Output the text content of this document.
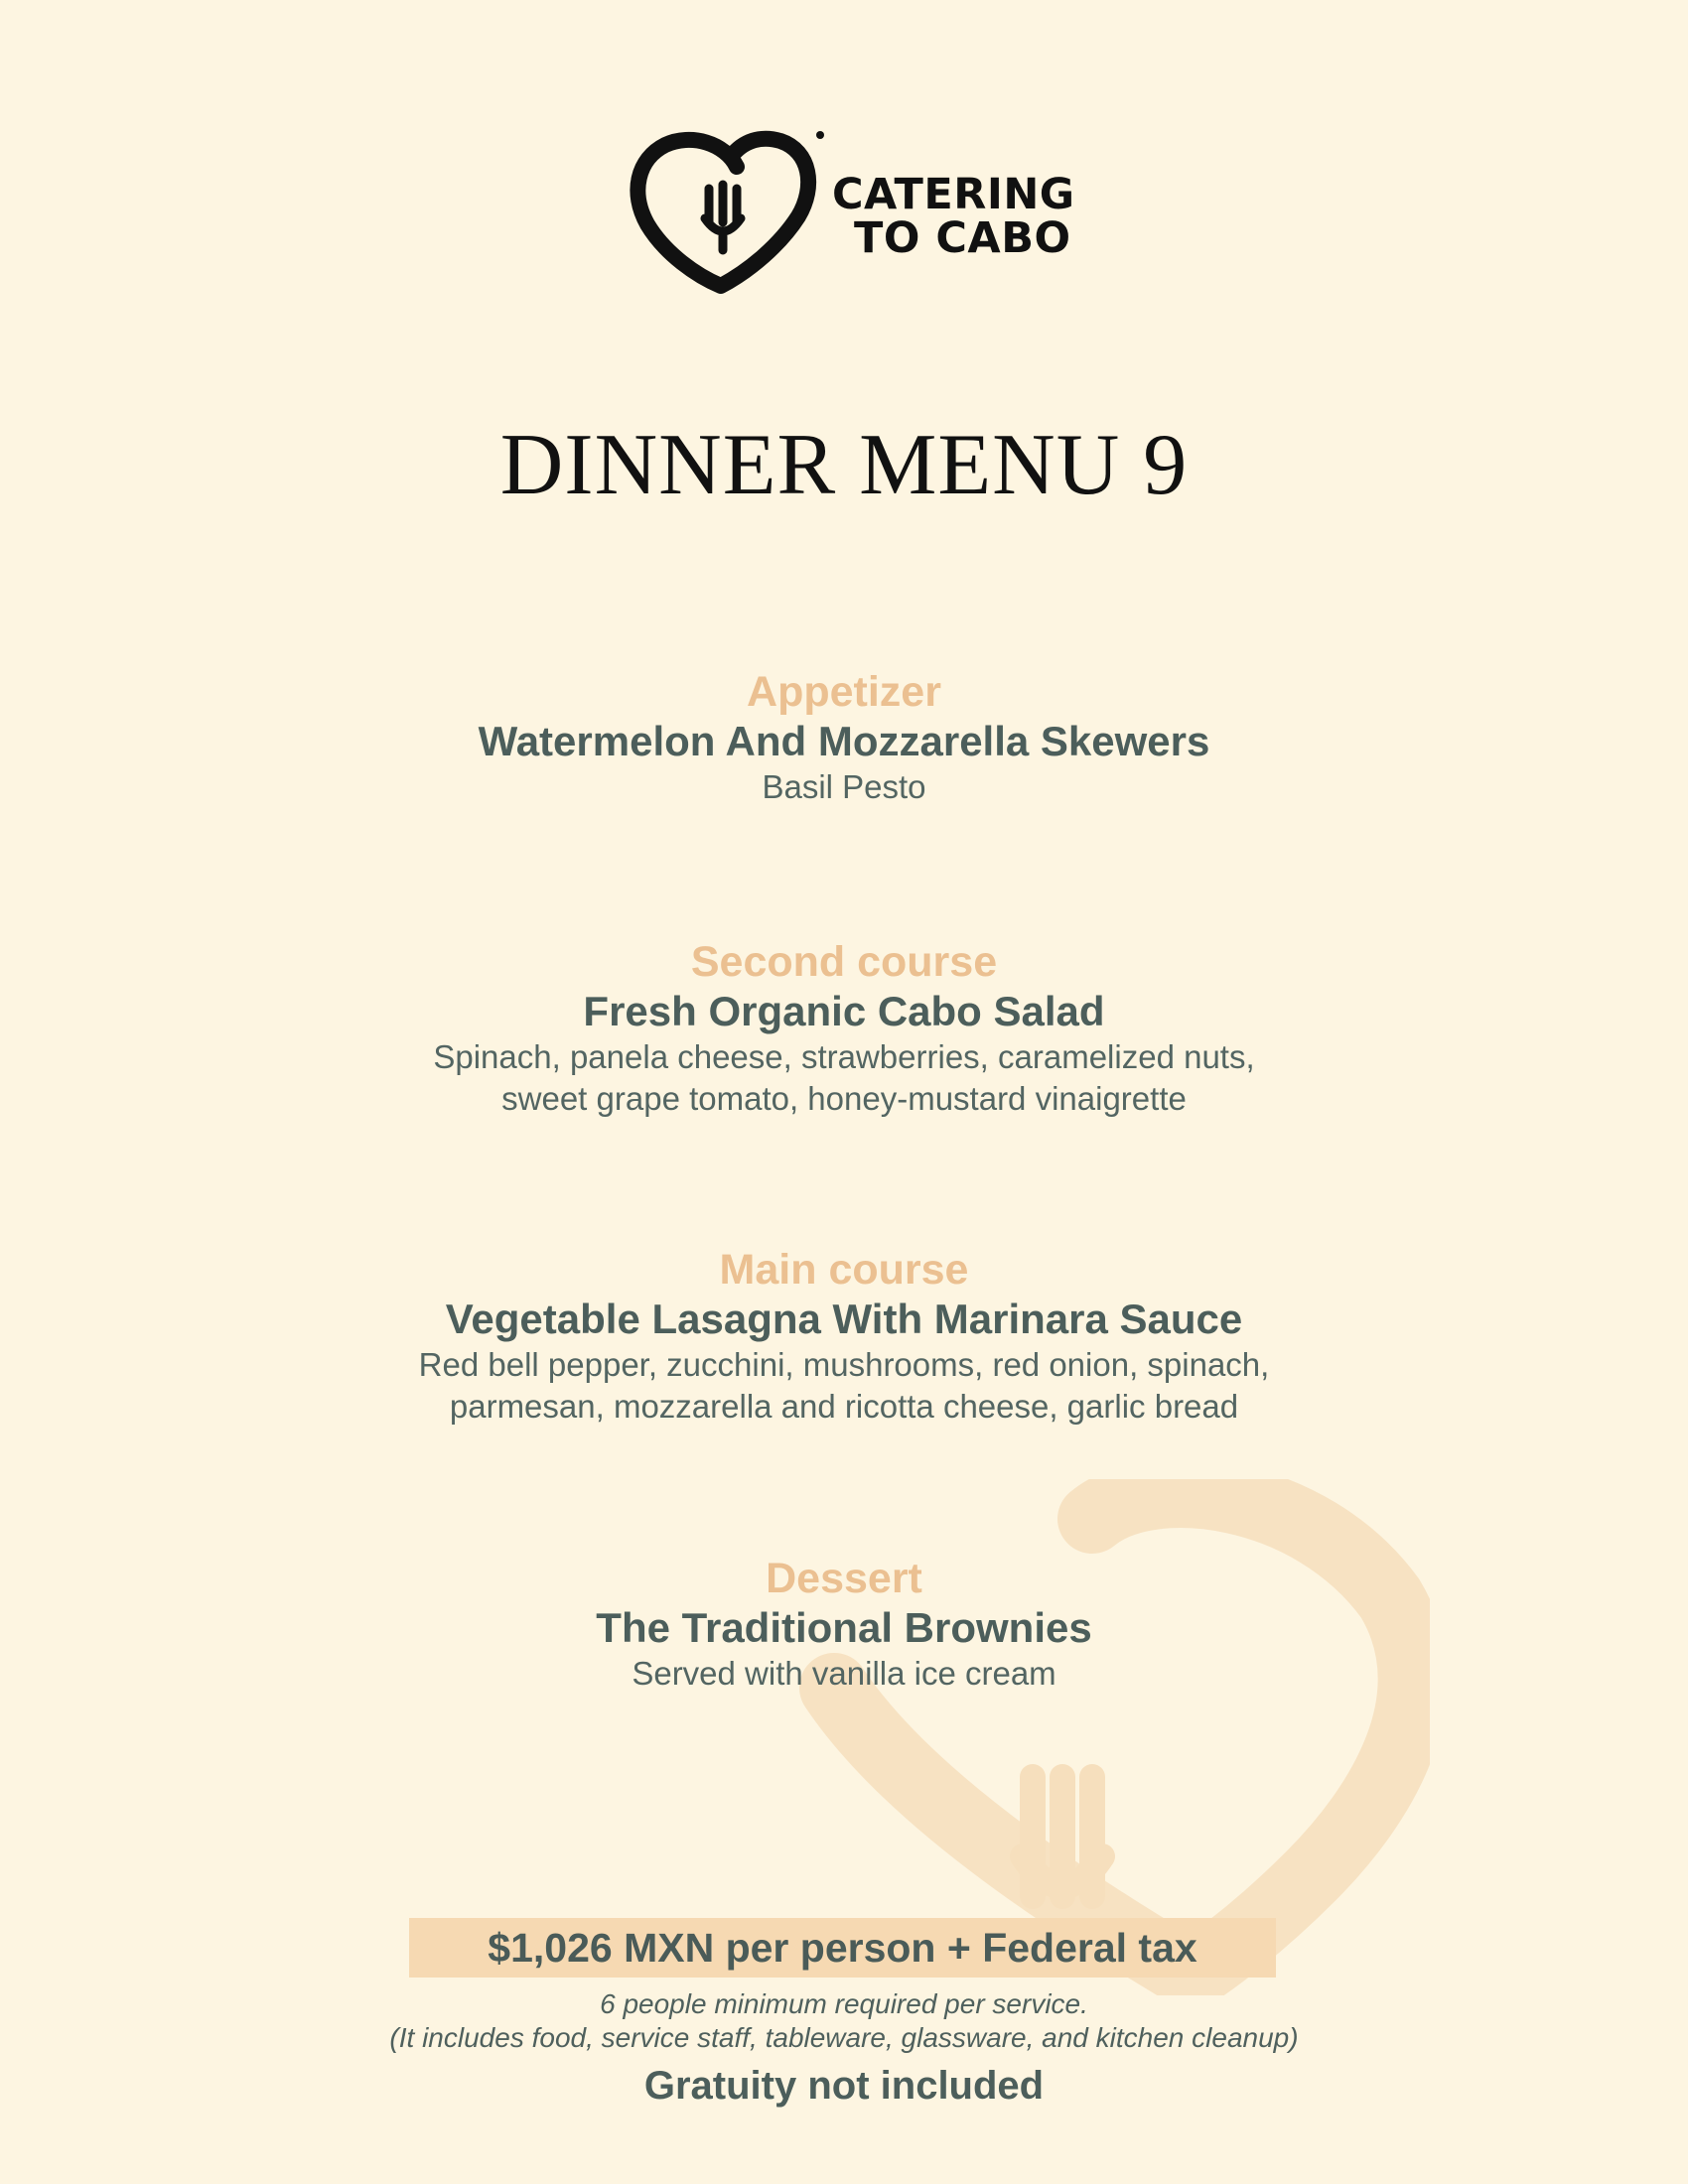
CATERING
TO CABO
DINNER MENU 9
Appetizer
Watermelon And Mozzarella Skewers
Basil Pesto
Second course
Fresh Organic Cabo Salad
Spinach, panela cheese, strawberries, caramelized nuts,
sweet grape tomato, honey-mustard vinaigrette
Main course
Vegetable Lasagna With Marinara Sauce
Red bell pepper, zucchini, mushrooms, red onion, spinach,
parmesan, mozzarella and ricotta cheese, garlic bread
Dessert
The Traditional Brownies
Served with vanilla ice cream
$1,026 MXN per person + Federal tax
6 people minimum required per service.
(It includes food, service staff, tableware, glassware, and kitchen cleanup)
Gratuity not included
